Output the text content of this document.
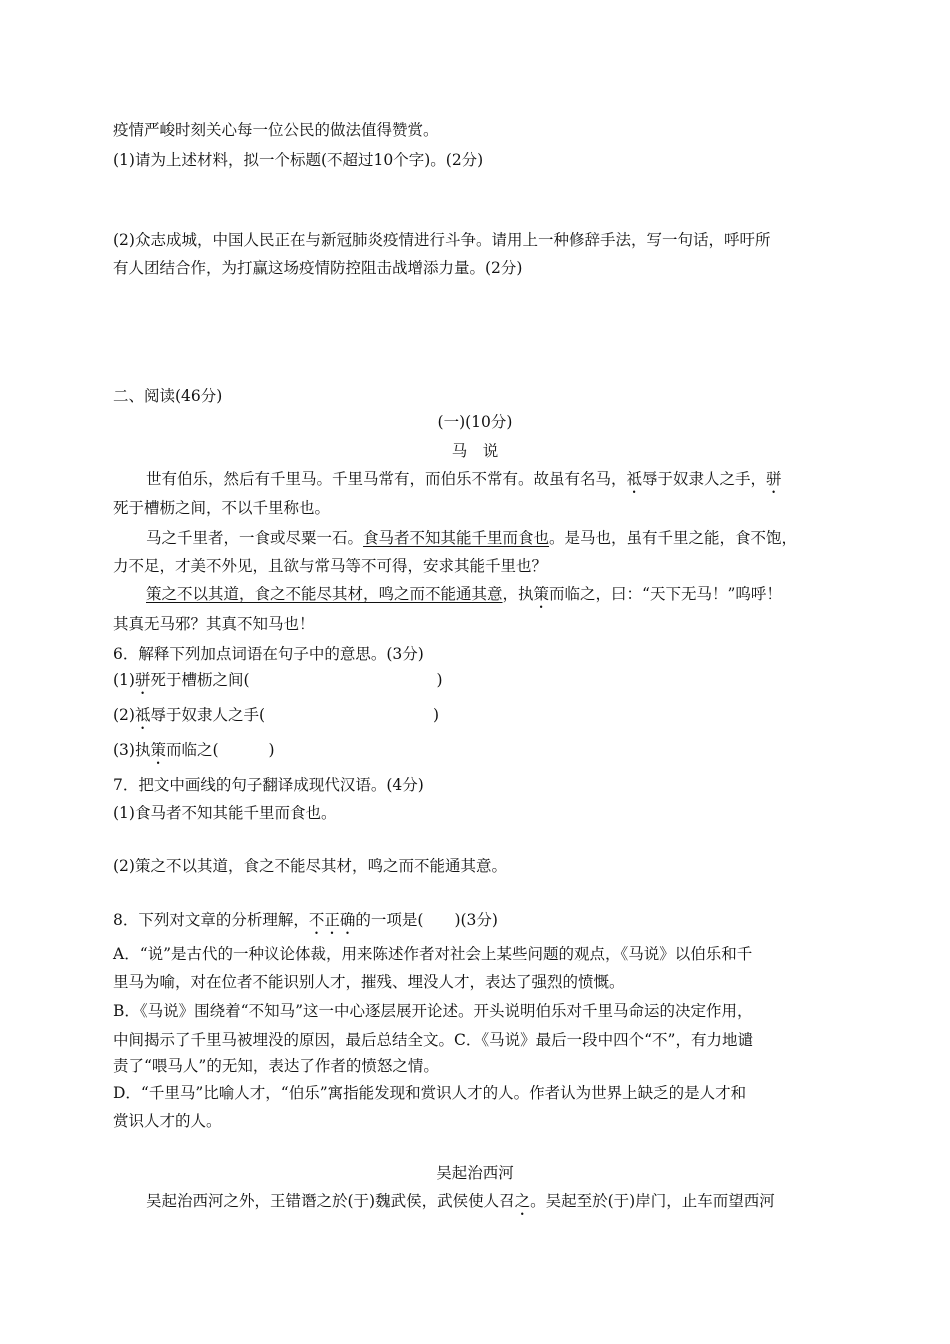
疫情严峻时刻关心每一位公民的做法值得赞赏。
(1)请为上述材料，拟一个标题(不超过10个字)。(2分)
(2)众志成城，中国人民正在与新冠肺炎疫情进行斗争。请用上一种修辞手法，写一句话，呼吁所
有人团结合作，为打赢这场疫情防控阻击战增添力量。(2分)
二、阅读(46分)
(一)(10分)
马　说
世有伯乐，然后有千里马。千里马常有，而伯乐不常有。故虽有名马，祗辱于奴隶人之手，骈
死于槽枥之间，不以千里称也。
马之千里者，一食或尽粟一石。食马者不知其能千里而食也。是马也，虽有千里之能，食不饱，
力不足，才美不外见，且欲与常马等不可得，安求其能千里也？
策之不以其道，食之不能尽其材，鸣之而不能通其意，执策而临之，曰：“天下无马！”呜呼！
其真无马邪？其真不知马也！
6．解释下列加点词语在句子中的意思。(3分)
(1)骈死于槽枥之间(	)
(2)祗辱于奴隶人之手(	)
(3)执策而临之(	)
7．把文中画线的句子翻译成现代汉语。(4分)
(1)食马者不知其能千里而食也。
(2)策之不以其道，食之不能尽其材，鸣之而不能通其意。
8．下列对文章的分析理解，不正确的一项是(　　)(3分)
A．“说”是古代的一种议论体裁，用来陈述作者对社会上某些问题的观点，《马说》以伯乐和千
里马为喻，对在位者不能识别人才，摧残、埋没人才，表达了强烈的愤慨。
B．《马说》围绕着“不知马”这一中心逐层展开论述。开头说明伯乐对千里马命运的决定作用，
中间揭示了千里马被埋没的原因，最后总结全文。C．《马说》最后一段中四个“不”，有力地谴
责了“喂马人”的无知，表达了作者的愤怒之情。
D．“千里马”比喻人才，“伯乐”寓指能发现和赏识人才的人。作者认为世界上缺乏的是人才和
赏识人才的人。
吴起治西河
吴起治西河之外，王错谮之於(于)魏武侯，武侯使人召之。吴起至於(于)岸门，止车而望西河
